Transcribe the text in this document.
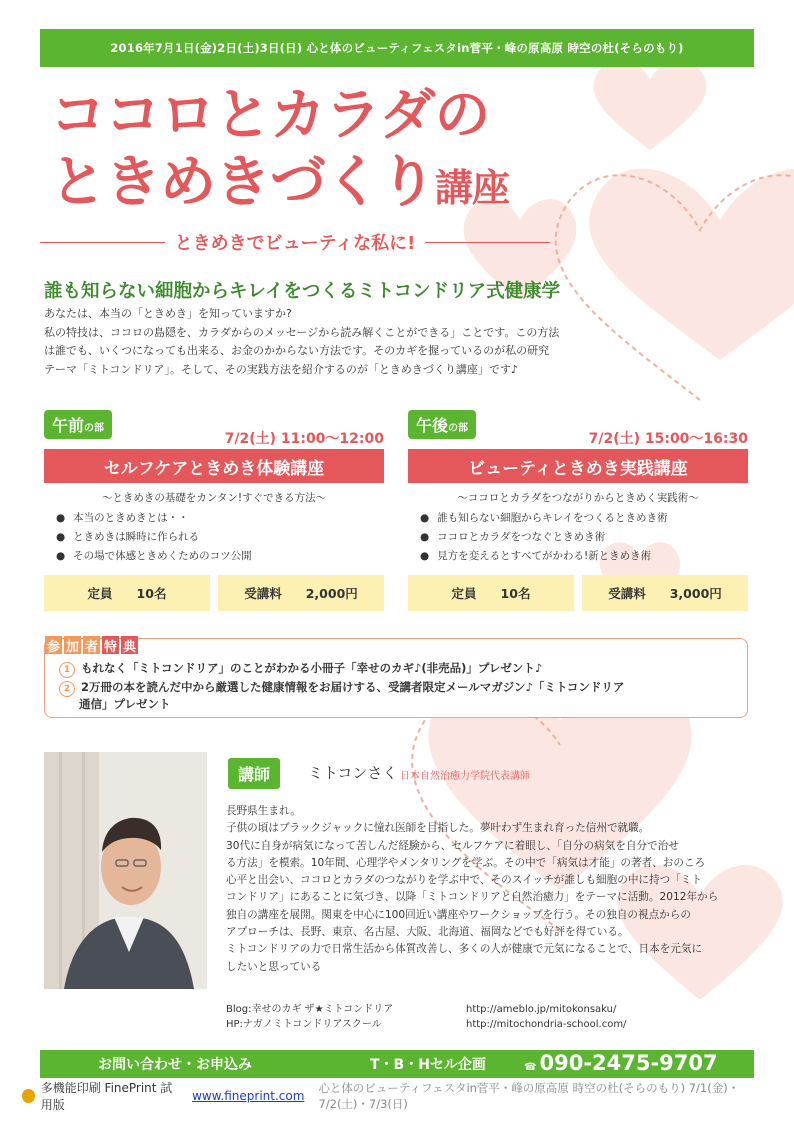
2016年7月1日(金)2日(土)3日(日) 心と体のビューティフェスタin菅平・峰の原高原 時空の杜(そらのもり)
ココロとカラダの
ときめきづくり講座
ときめきでビューティな私に!
誰も知らない細胞からキレイをつくるミトコンドリア式健康学
あなたは、本当の「ときめき」を知っていますか?
私の特技は、ココロの島隠を、カラダからのメッセージから読み解くことができる」ことです。この方法
は誰でも、いくつになっても出来る、お金のかからない方法です。そのカギを握っているのが私の研究
テーマ「ミトコンドリア」。そして、その実践方法を紹介するのが「ときめきづくり講座」です♪
午前の部
7/2(土) 11:00〜12:00
セルフケアときめき体験講座
〜ときめきの基礎をカンタン!すぐできる方法〜
● 本当のときめきとは・・
● ときめきは瞬時に作られる
● その場で体感ときめくためのコツ公開
定員 10名	受講料 2,000円
午後の部
7/2(土) 15:00〜16:30
ビューティときめき実践講座
〜ココロとカラダをつながりからときめく実践術〜
● 誰も知らない細胞からキレイをつくるときめき術
● ココロとカラダをつなぐときめき術
● 見方を変えるとすべてがかわる!新ときめき術
定員 10名	受講料 3,000円
参 加 者 特 典
1 もれなく「ミトコンドリア」のことがわかる小冊子「幸せのカギ♪(非売品)」プレゼント♪
2 2万冊の本を読んだ中から厳選した健康情報をお届けする、受講者限定メールマガジン♪「ミトコンドリア
通信」プレゼント
講師	ミトコンさく 日本自然治癒力学院代表講師
長野県生まれ。
子供の頃はブラックジャックに憧れ医師を目指した。夢叶わず生まれ育った信州で就職。
30代に自身が病気になって苦しんだ経験から、セルフケアに着眼し、「自分の病気を自分で治せ
る方法」を模索。10年間、心理学やメンタリングを学ぶ。その中で「病気は才能」の著者、おのころ
心平と出会い、ココロとカラダのつながりを学ぶ中で、そのスイッチが誰しも細胞の中に持つ「ミト
コンドリア」にあることに気づき、以降「ミトコンドリアと自然治癒力」をテーマに活動。2012年から
独自の講座を展開。関東を中心に100回近い講座やワークショップを行う。その独自の視点からの
アプローチは、長野、東京、名古屋、大阪、北海道、福岡などでも好評を得ている。
ミトコンドリアの力で日常生活から体質改善し、多くの人が健康で元気になることで、日本を元気に
したいと思っている
Blog:幸せのカギ ザ★ミトコンドリア	http://ameblo.jp/mitokonsaku/
HP:ナガノミトコンドリアスクール	http://mitochondria-school.com/
お問い合わせ・お申込み	T・B・Hセル企画	☎ 090-2475-9707
多機能印刷 FinePrint 試用版
www.fineprint.com
心と体のビューティフェスタin菅平・峰の原高原 時空の杜(そらのもり) 7/1(金)・7/2(土)・7/3(日)
